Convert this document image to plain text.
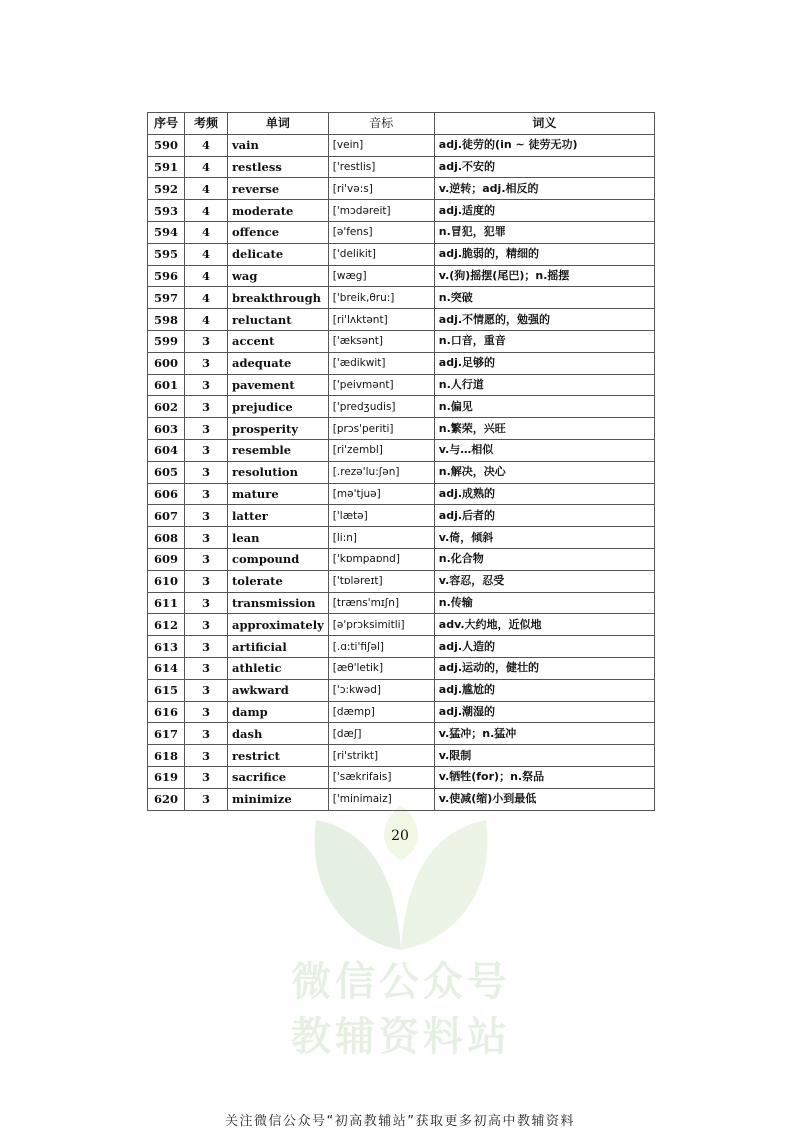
微信公众号
教辅资料站
序号	考频	单词	音标	词义
590	4	vain	[vein]	adj.徒劳的(in ~ 徒劳无功)
591	4	restless	['restlis]	adj.不安的
592	4	reverse	[ri'və:s]	v.逆转；adj.相反的
593	4	moderate	['mɔdəreit]	adj.适度的
594	4	offence	[ə'fens]	n.冒犯，犯罪
595	4	delicate	['delikit]	adj.脆弱的，精细的
596	4	wag	[wæg]	v.(狗)摇摆(尾巴)；n.摇摆
597	4	breakthrough	['breik,θru:]	n.突破
598	4	reluctant	[ri'lʌktənt]	adj.不情愿的，勉强的
599	3	accent	['æksənt]	n.口音，重音
600	3	adequate	['ædikwit]	adj.足够的
601	3	pavement	['peivmənt]	n.人行道
602	3	prejudice	['predʒudis]	n.偏见
603	3	prosperity	[prɔs'periti]	n.繁荣，兴旺
604	3	resemble	[ri'zembl]	v.与…相似
605	3	resolution	[.rezə'lu:ʃən]	n.解决，决心
606	3	mature	[mə'tjuə]	adj.成熟的
607	3	latter	['lætə]	adj.后者的
608	3	lean	[li:n]	v.倚，倾斜
609	3	compound	['kɒmpaɒnd]	n.化合物
610	3	tolerate	['tɒləreɪt]	v.容忍，忍受
611	3	transmission	[træns'mɪʃn]	n.传输
612	3	approximately	[ə'prɔksimitli]	adv.大约地，近似地
613	3	artificial	[.ɑ:ti'fiʃəl]	adj.人造的
614	3	athletic	[æθ'letik]	adj.运动的，健壮的
615	3	awkward	['ɔ:kwəd]	adj.尴尬的
616	3	damp	[dæmp]	adj.潮湿的
617	3	dash	[dæʃ]	v.猛冲；n.猛冲
618	3	restrict	[ri'strikt]	v.限制
619	3	sacrifice	['sækrifais]	v.牺牲(for)；n.祭品
620	3	minimize	['minimaiz]	v.使减(缩)小到最低
20
关注微信公众号“初高教辅站”获取更多初高中教辅资料
